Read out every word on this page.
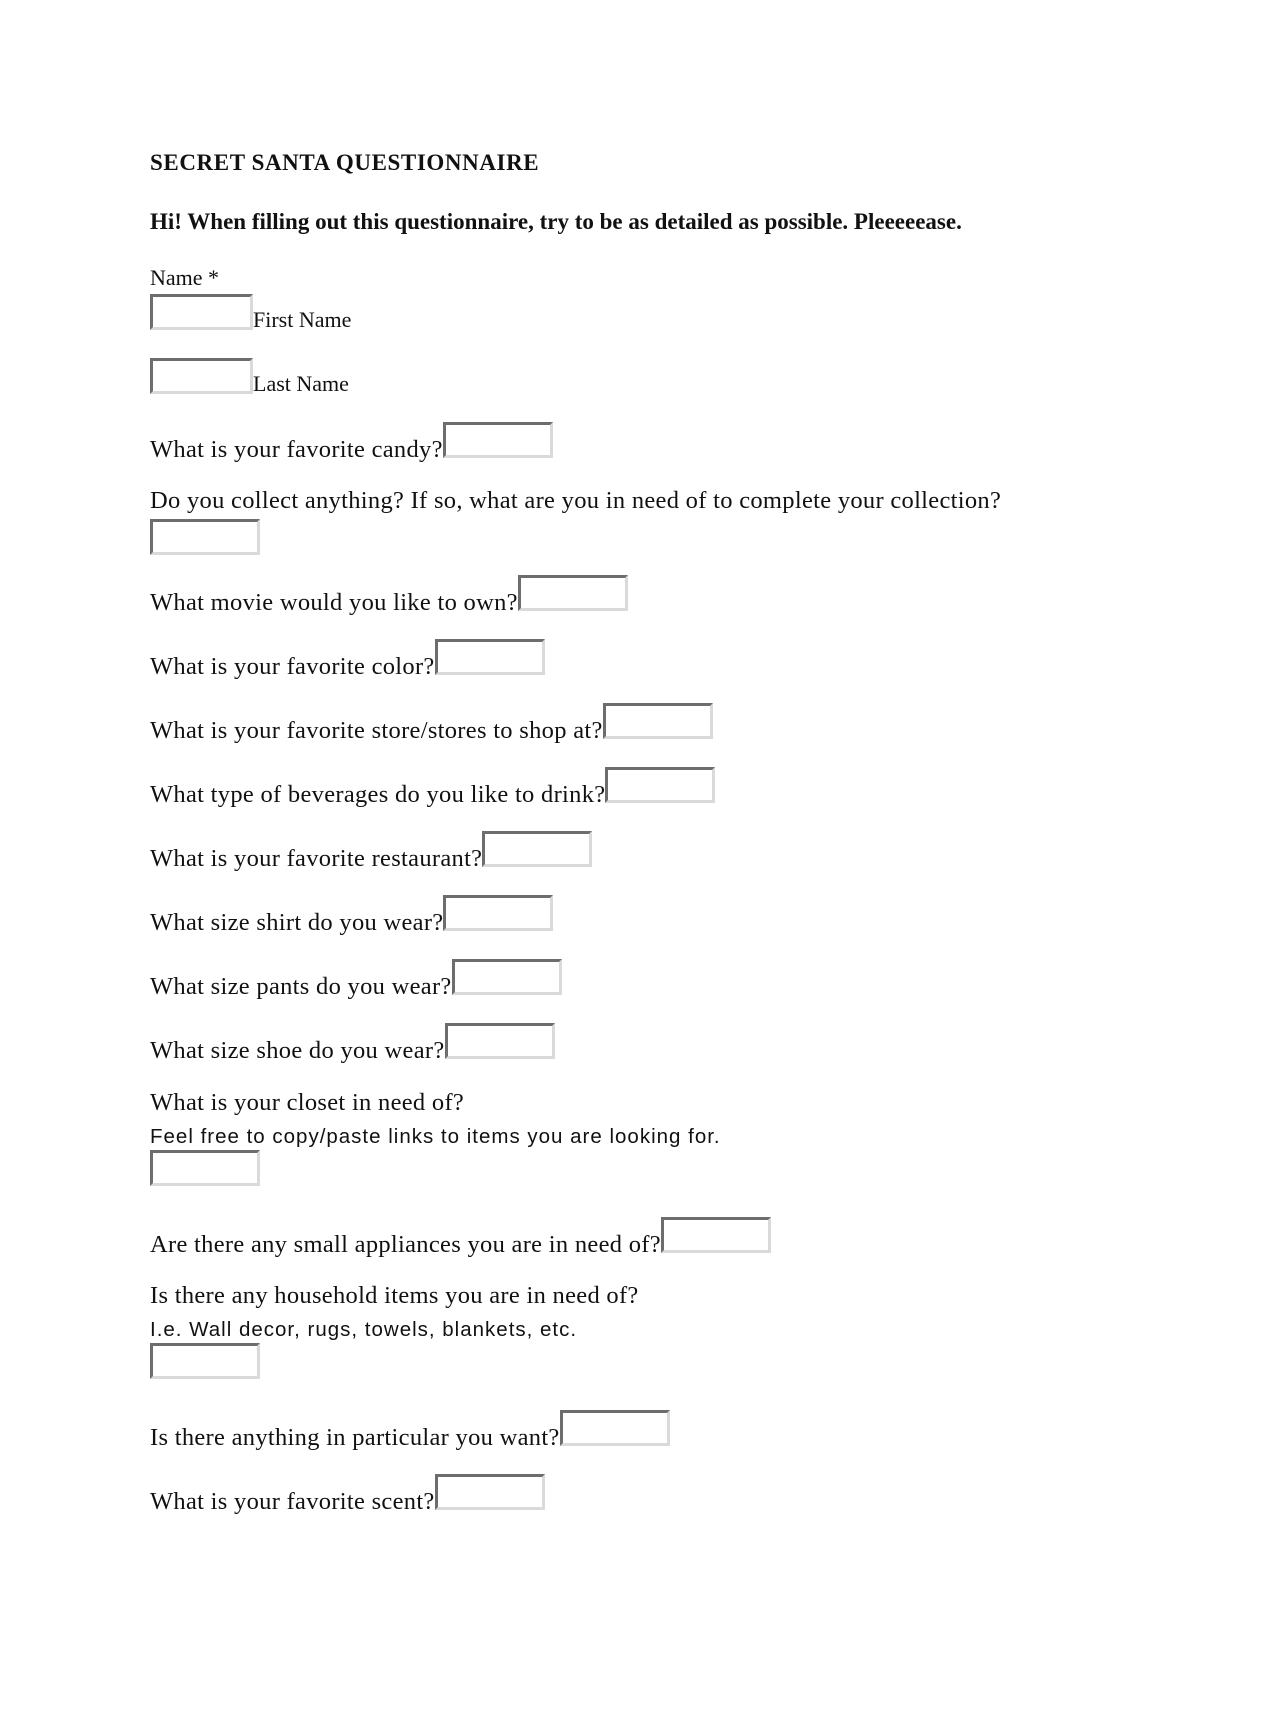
SECRET SANTA QUESTIONNAIRE
Hi! When filling out this questionnaire, try to be as detailed as possible. Pleeeeease.
Name *
First Name
Last Name
What is your favorite candy?
Do you collect anything? If so, what are you in need of to complete your collection?
What movie would you like to own?
What is your favorite color?
What is your favorite store/stores to shop at?
What type of beverages do you like to drink?
What is your favorite restaurant?
What size shirt do you wear?
What size pants do you wear?
What size shoe do you wear?
What is your closet in need of?
Feel free to copy/paste links to items you are looking for.
Are there any small appliances you are in need of?
Is there any household items you are in need of?
I.e. Wall decor, rugs, towels, blankets, etc.
Is there anything in particular you want?
What is your favorite scent?
